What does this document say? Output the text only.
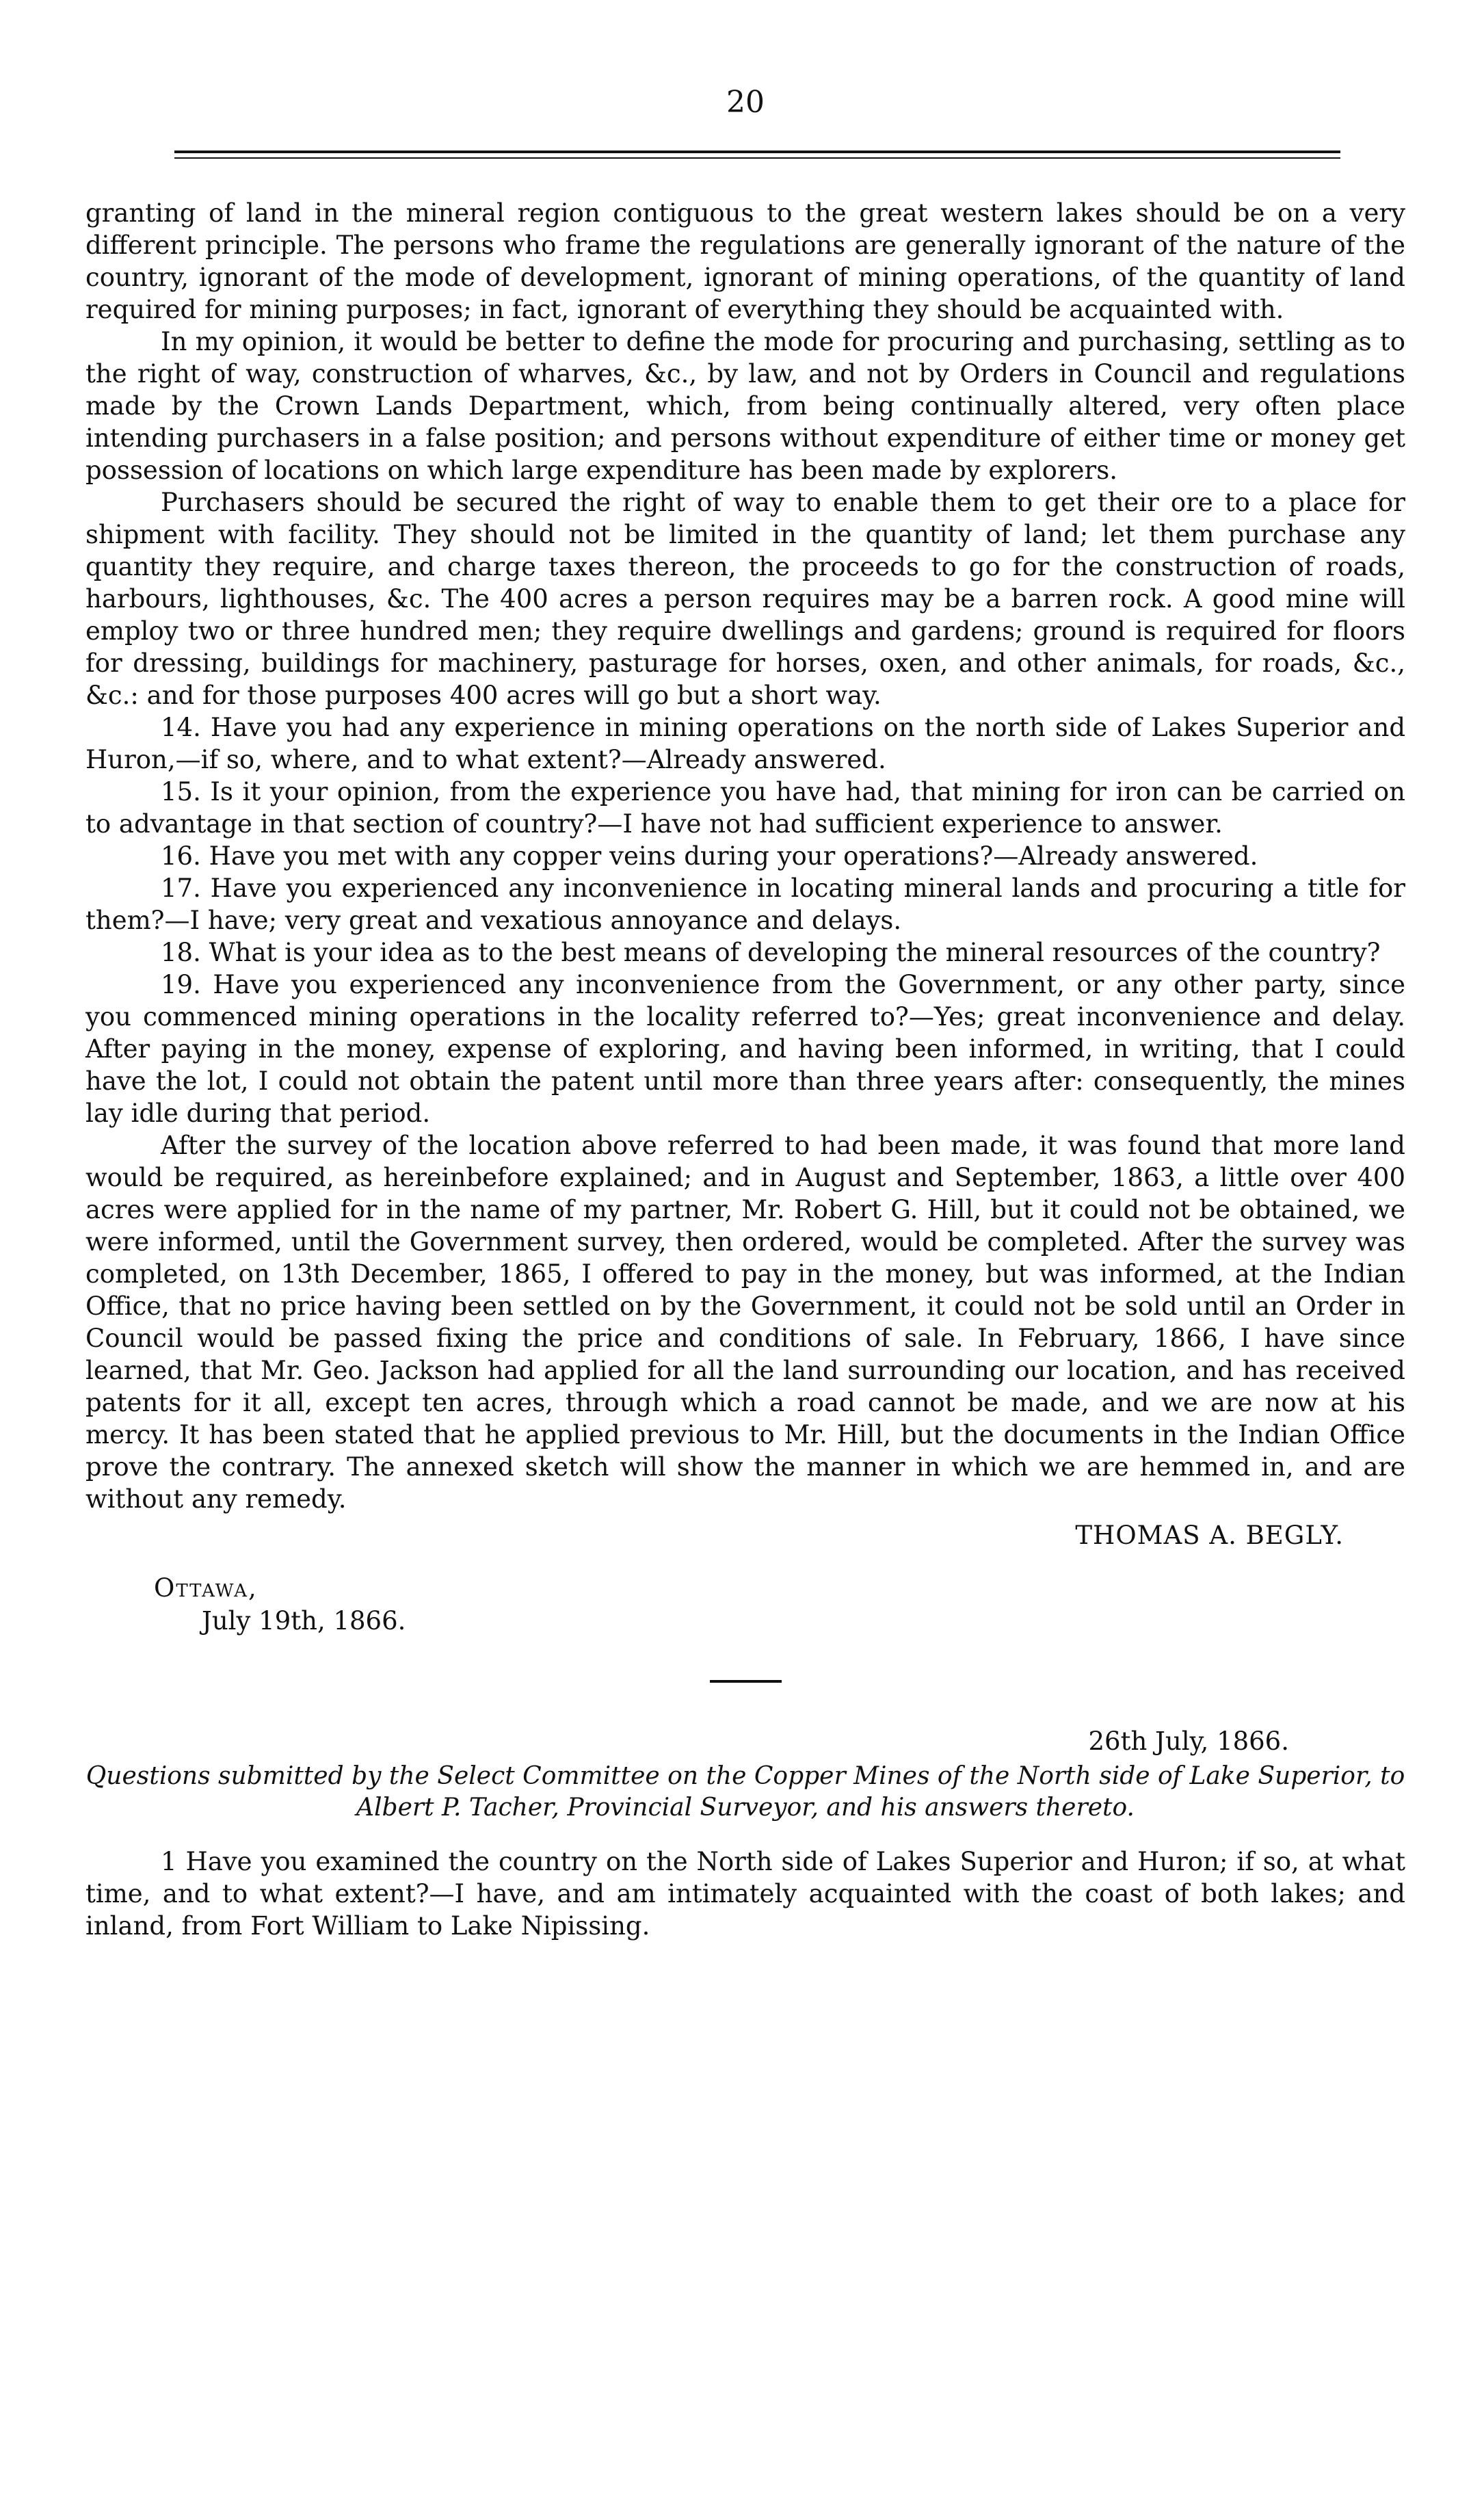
20

granting of land in the mineral region contiguous to the great western lakes should be on a very different principle. The persons who frame the regulations are generally ignorant of the nature of the country, ignorant of the mode of development, ignorant of mining operations, of the quantity of land required for mining purposes; in fact, ignorant of everything they should be acquainted with.

In my opinion, it would be better to define the mode for procuring and purchasing, settling as to the right of way, construction of wharves, &c., by law, and not by Orders in Council and regulations made by the Crown Lands Department, which, from being continually altered, very often place intending purchasers in a false position; and persons without expenditure of either time or money get possession of locations on which large expenditure has been made by explorers.

Purchasers should be secured the right of way to enable them to get their ore to a place for shipment with facility. They should not be limited in the quantity of land; let them purchase any quantity they require, and charge taxes thereon, the proceeds to go for the construction of roads, harbours, lighthouses, &c. The 400 acres a person requires may be a barren rock. A good mine will employ two or three hundred men; they require dwellings and gardens; ground is required for floors for dressing, buildings for machinery, pasturage for horses, oxen, and other animals, for roads, &c., &c.: and for those purposes 400 acres will go but a short way.

14. Have you had any experience in mining operations on the north side of Lakes Superior and Huron,—if so, where, and to what extent?—Already answered.

15. Is it your opinion, from the experience you have had, that mining for iron can be carried on to advantage in that section of country?—I have not had sufficient experience to answer.

16. Have you met with any copper veins during your operations?—Already answered.

17. Have you experienced any inconvenience in locating mineral lands and procuring a title for them?—I have; very great and vexatious annoyance and delays.

18. What is your idea as to the best means of developing the mineral resources of the country?

19. Have you experienced any inconvenience from the Government, or any other party, since you commenced mining operations in the locality referred to?—Yes; great inconvenience and delay. After paying in the money, expense of exploring, and having been informed, in writing, that I could have the lot, I could not obtain the patent until more than three years after: consequently, the mines lay idle during that period.

After the survey of the location above referred to had been made, it was found that more land would be required, as hereinbefore explained; and in August and September, 1863, a little over 400 acres were applied for in the name of my partner, Mr. Robert G. Hill, but it could not be obtained, we were informed, until the Government survey, then ordered, would be completed. After the survey was completed, on 13th December, 1865, I offered to pay in the money, but was informed, at the Indian Office, that no price having been settled on by the Government, it could not be sold until an Order in Council would be passed fixing the price and conditions of sale. In February, 1866, I have since learned, that Mr. Geo. Jackson had applied for all the land surrounding our location, and has received patents for it all, except ten acres, through which a road cannot be made, and we are now at his mercy. It has been stated that he applied previous to Mr. Hill, but the documents in the Indian Office prove the contrary. The annexed sketch will show the manner in which we are hemmed in, and are without any remedy.

THOMAS A. BEGLY.

Ottawa,

July 19th, 1866.

26th July, 1866.

Questions submitted by the Select Committee on the Copper Mines of the North side of Lake Superior, to Albert P. Tacher, Provincial Surveyor, and his answers thereto.

1 Have you examined the country on the North side of Lakes Superior and Huron; if so, at what time, and to what extent?—I have, and am intimately acquainted with the coast of both lakes; and inland, from Fort William to Lake Nipissing.
